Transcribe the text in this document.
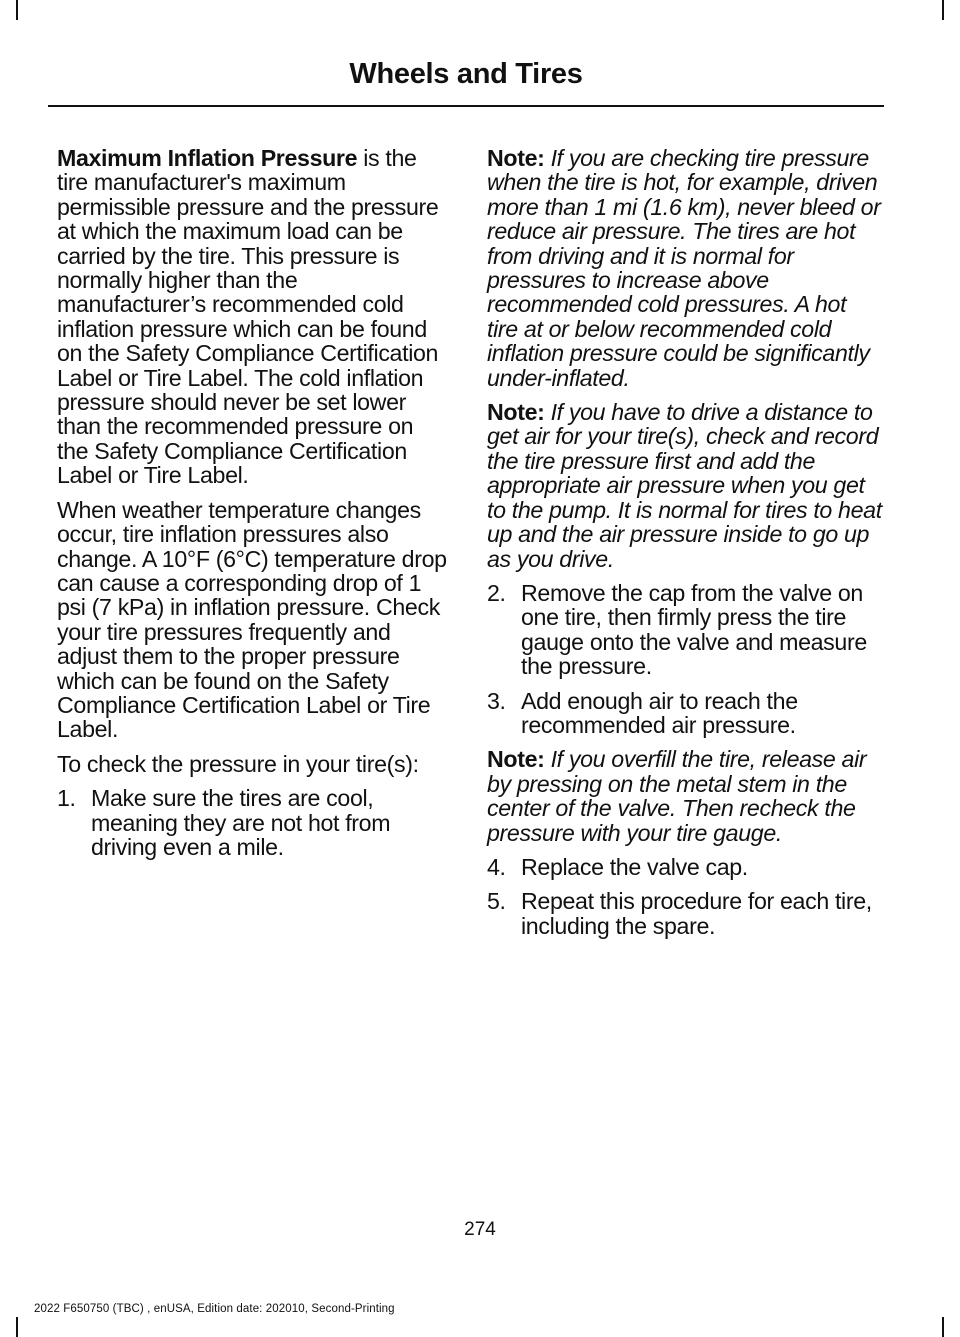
Wheels and Tires

Maximum Inflation Pressure is the tire manufacturer's maximum permissible pressure and the pressure at which the maximum load can be carried by the tire. This pressure is normally higher than the manufacturer’s recommended cold inflation pressure which can be found on the Safety Compliance Certification Label or Tire Label. The cold inflation pressure should never be set lower than the recommended pressure on the Safety Compliance Certification Label or Tire Label.

When weather temperature changes occur, tire inflation pressures also change. A 10°F (6°C) temperature drop can cause a corresponding drop of 1 psi (7 kPa) in inflation pressure. Check your tire pressures frequently and adjust them to the proper pressure which can be found on the Safety Compliance Certification Label or Tire Label.

To check the pressure in your tire(s):

1. Make sure the tires are cool, meaning they are not hot from driving even a mile.

Note: If you are checking tire pressure when the tire is hot, for example, driven more than 1 mi (1.6 km), never bleed or reduce air pressure. The tires are hot from driving and it is normal for pressures to increase above recommended cold pressures. A hot tire at or below recommended cold inflation pressure could be significantly under-inflated.

Note: If you have to drive a distance to get air for your tire(s), check and record the tire pressure first and add the appropriate air pressure when you get to the pump. It is normal for tires to heat up and the air pressure inside to go up as you drive.

2. Remove the cap from the valve on one tire, then firmly press the tire gauge onto the valve and measure the pressure.
3. Add enough air to reach the recommended air pressure.

Note: If you overfill the tire, release air by pressing on the metal stem in the center of the valve. Then recheck the pressure with your tire gauge.

4. Replace the valve cap.
5. Repeat this procedure for each tire, including the spare.
274
2022 F650750 (TBC) , enUSA, Edition date: 202010, Second-Printing
